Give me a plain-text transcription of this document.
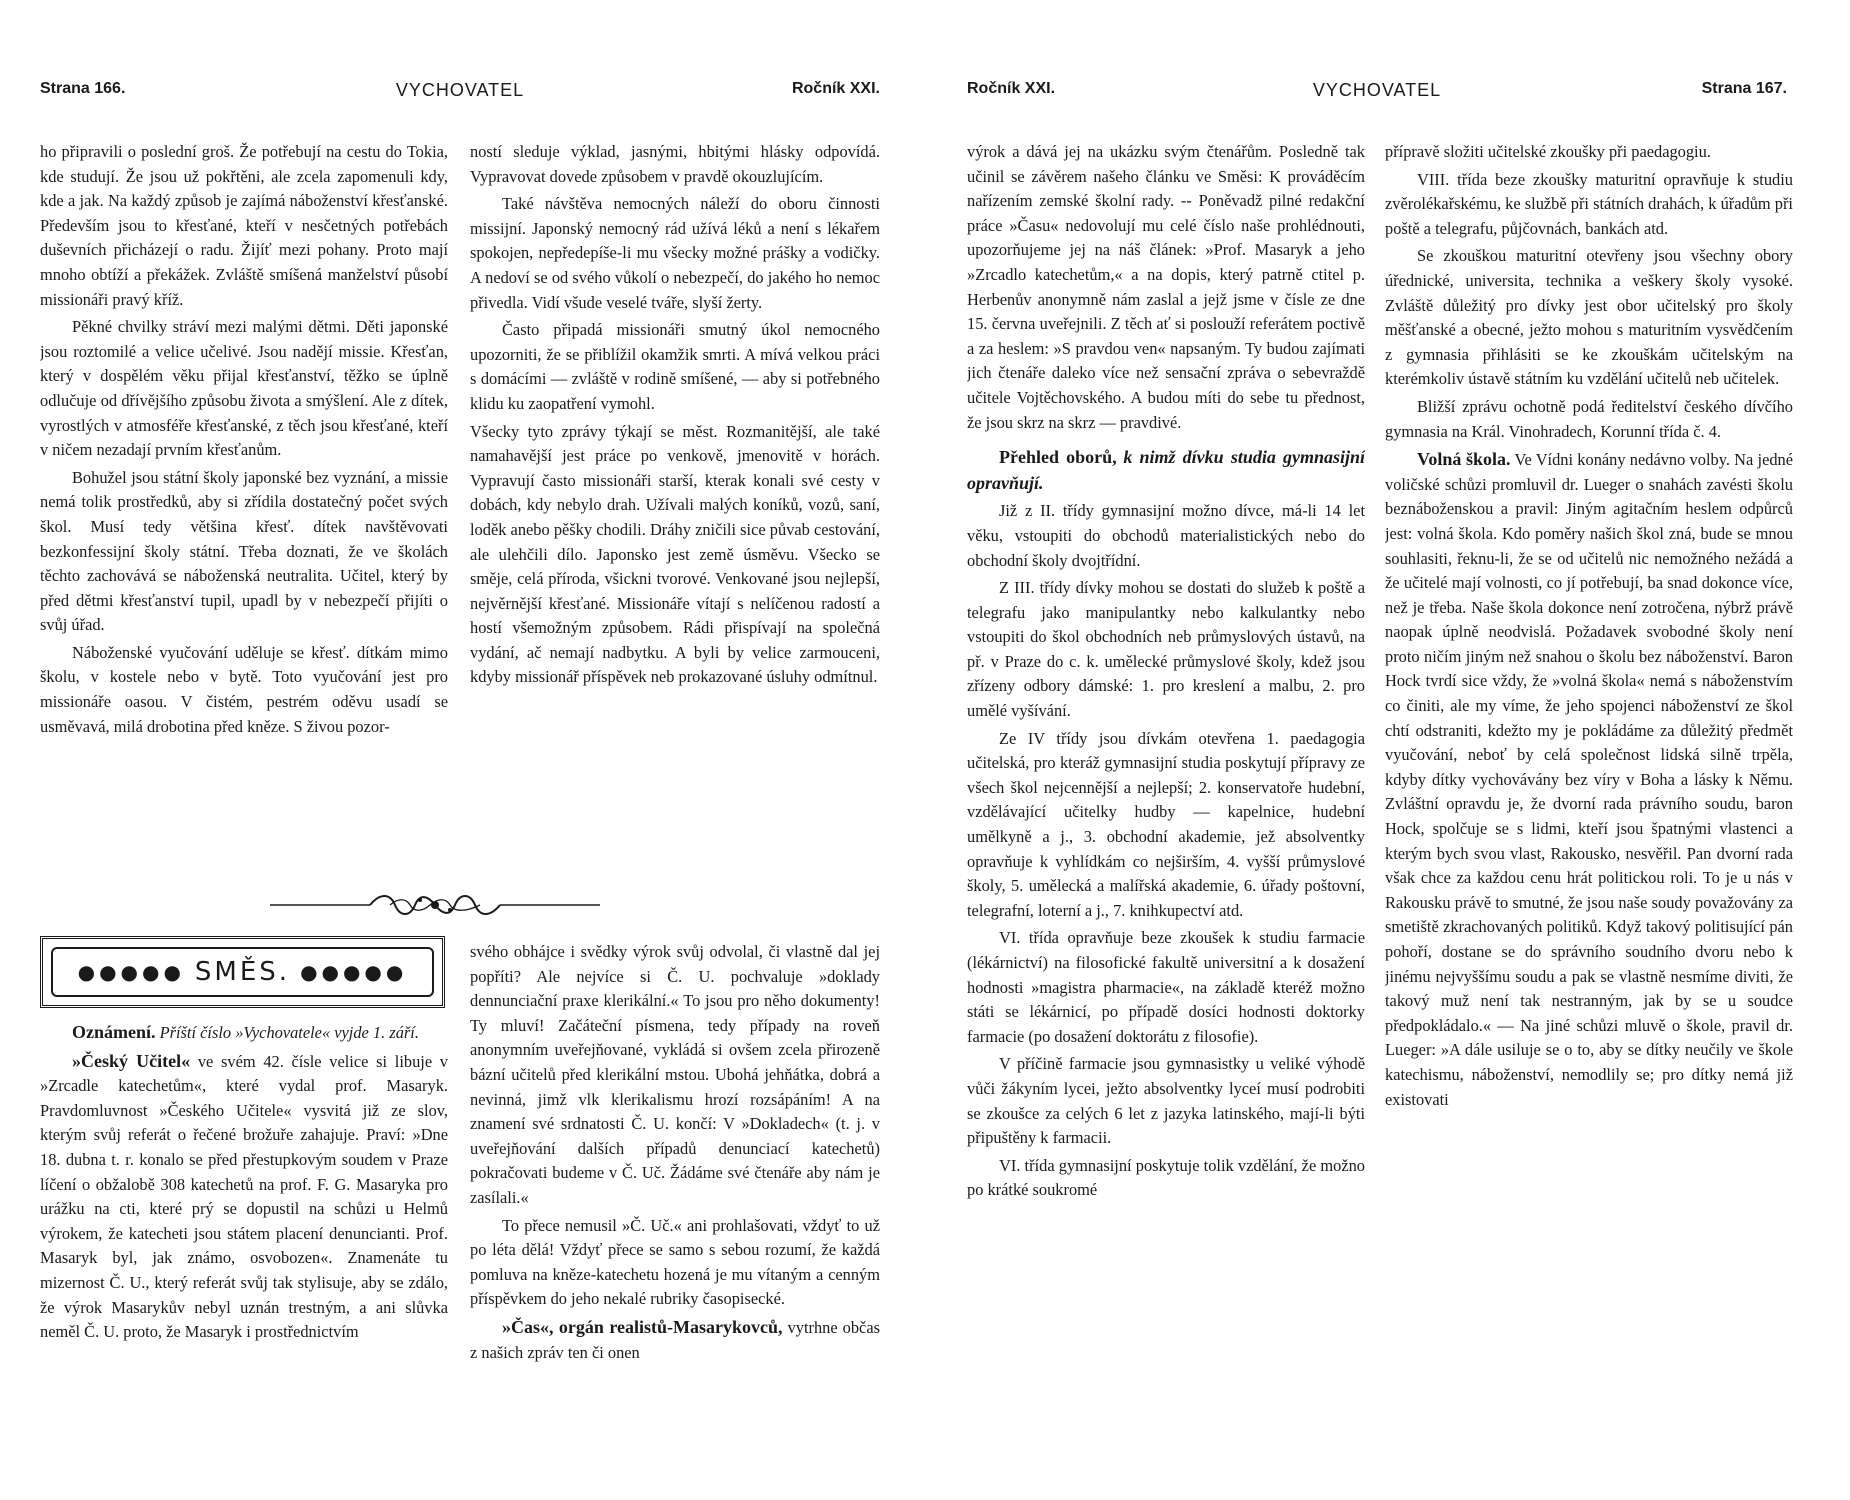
Strana 166.	VYCHOVATEL	Ročník XXI.

ho připravili o poslední groš. Že potřebují na cestu do Tokia, kde studují. Že jsou už pokřtěni, ale zcela zapomenuli kdy, kde a jak. Na každý způsob je zajímá náboženství křesťanské. Především jsou to křesťané, kteří v nesčetných potřebách duševních přicházejí o radu. Žijíť mezi pohany. Proto mají mnoho obtíží a překážek. Zvláště smíšená manželství působí missionáři pravý kříž.

Pěkné chvilky stráví mezi malými dětmi. Děti japonské jsou roztomilé a velice učelivé. Jsou nadějí missie. Křesťan, který v dospělém věku přijal křesťanství, těžko se úplně odlučuje od dřívějšího způsobu života a smýšlení. Ale z dítek, vyrostlých v atmosféře křesťanské, z těch jsou křesťané, kteří v ničem nezadají prvním křesťanům.

Bohužel jsou státní školy japonské bez vyznání, a missie nemá tolik prostředků, aby si zřídila dostatečný počet svých škol. Musí tedy většina křesť. dítek navštěvovati bezkonfessijní školy státní. Třeba doznati, že ve školách těchto zachovává se náboženská neutralita. Učitel, který by před dětmi křesťanství tupil, upadl by v nebezpečí přijíti o svůj úřad.

Náboženské vyučování uděluje se křesť. dítkám mimo školu, v kostele nebo v bytě. Toto vyučování jest pro missionáře oasou. V čistém, pestrém oděvu usadí se usměvavá, milá drobotina před kněze. S živou pozor-

ností sleduje výklad, jasnými, hbitými hlásky odpovídá. Vypravovat dovede způsobem v pravdě okouzlujícím.

Také návštěva nemocných náleží do oboru činnosti missijní. Japonský nemocný rád užívá léků a není s lékařem spokojen, nepředepíše-li mu všecky možné prášky a vodičky. A nedoví se od svého vůkolí o nebezpečí, do jakého ho nemoc přivedla. Vidí všude veselé tváře, slyší žerty.

Často připadá missionáři smutný úkol nemocného upozorniti, že se přiblížil okamžik smrti. A mívá velkou práci s domácími — zvláště v rodině smíšené, — aby si potřebného klidu ku zaopatření vymohl.

Všecky tyto zprávy týkají se měst. Rozmanitější, ale také namahavější jest práce po venkově, jmenovitě v horách. Vypravují často missionáři starší, kterak konali své cesty v dobách, kdy nebylo drah. Užívali malých koníků, vozů, saní, loděk anebo pěšky chodili. Dráhy zničili sice půvab cestování, ale ulehčili dílo. Japonsko jest země úsměvu. Všecko se směje, celá příroda, všickni tvorové. Venkované jsou nejlepší, nejvěrnější křesťané. Missionáře vítají s nelíčenou radostí a hostí všemožným způsobem. Rádi přispívají na společná vydání, ač nemají nadbytku. A byli by velice zarmouceni, kdyby missionář příspěvek neb prokazované úsluhy odmítnul.

●●●●● SMĚS. ●●●●●

Oznámení. Příští číslo »Vychovatele« vyjde 1. září.

»Český Učitel« ve svém 42. čísle velice si libuje v »Zrcadle katechetům«, které vydal prof. Masaryk. Pravdomluvnost »Českého Učitele« vysvitá již ze slov, kterým svůj referát o řečené brožuře zahajuje. Praví: »Dne 18. dubna t. r. konalo se před přestupkovým soudem v Praze líčení o obžalobě 308 katechetů na prof. F. G. Masaryka pro urážku na cti, které prý se dopustil na schůzi u Helmů výrokem, že katecheti jsou státem placení denuncianti. Prof. Masaryk byl, jak známo, osvobozen«. Znamenáte tu mizernost Č. U., který referát svůj tak stylisuje, aby se zdálo, že výrok Masarykův nebyl uznán trestným, a ani slůvka neměl Č. U. proto, že Masaryk i prostřednictvím

svého obhájce i svědky výrok svůj odvolal, či vlastně dal jej popříti? Ale nejvíce si Č. U. pochvaluje »doklady dennunciační praxe klerikální.« To jsou pro něho dokumenty! Ty mluví! Začáteční písmena, tedy případy na roveň anonymním uveřejňované, vykládá si ovšem zcela přirozeně bázní učitelů před klerikální mstou. Ubohá jehňátka, dobrá a nevinná, jimž vlk klerikalismu hrozí rozsápáním! A na znamení své srdnatosti Č. U. končí: V »Dokladech« (t. j. v uveřejňování dalších případů denunciací katechetů) pokračovati budeme v Č. Uč. Žádáme své čtenáře aby nám je zasílali.«

To přece nemusil »Č. Uč.« ani prohlašovati, vždyť to už po léta dělá! Vždyť přece se samo s sebou rozumí, že každá pomluva na kněze-katechetu hozená je mu vítaným a cenným příspěvkem do jeho nekalé rubriky časopisecké.

»Čas«, orgán realistů-Masarykovců, vytrhne občas z našich zpráv ten či onen

Ročník XXI.	VYCHOVATEL	Strana 167.

výrok a dává jej na ukázku svým čtenářům. Posledně tak učinil se závěrem našeho článku ve Směsi: K prováděcím nařízením zemské školní rady. -- Poněvadž pilné redakční práce »Času« nedovolují mu celé číslo naše prohlédnouti, upozorňujeme jej na náš článek: »Prof. Masaryk a jeho »Zrcadlo katechetům,« a na dopis, který patrně ctitel p. Herbenův anonymně nám zaslal a jejž jsme v čísle ze dne 15. června uveřejnili. Z těch ať si poslouží referátem poctivě a za heslem: »S pravdou ven« napsaným. Ty budou zajímati jich čtenáře daleko více než sensační zpráva o sebevraždě učitele Vojtěchovského. A budou míti do sebe tu přednost, že jsou skrz na skrz — pravdivé.

Přehled oborů, k nimž dívku studia gymnasijní opravňují.

Již z II. třídy gymnasijní možno dívce, má-li 14 let věku, vstoupiti do obchodů materialistických nebo do obchodní školy dvojtřídní.

Z III. třídy dívky mohou se dostati do služeb k poště a telegrafu jako manipulantky nebo kalkulantky nebo vstoupiti do škol obchodních neb průmyslových ústavů, na př. v Praze do c. k. umělecké průmyslové školy, kdež jsou zřízeny odbory dámské: 1. pro kreslení a malbu, 2. pro umělé vyšívání.

Ze IV třídy jsou dívkám otevřena 1. paedagogia učitelská, pro kteráž gymnasijní studia poskytují přípravy ze všech škol nejcennější a nejlepší; 2. konservatoře hudební, vzdělávající učitelky hudby — kapelnice, hudební umělkyně a j., 3. obchodní akademie, jež absolventky opravňuje k vyhlídkám co nejširším, 4. vyšší průmyslové školy, 5. umělecká a malířská akademie, 6. úřady poštovní, telegrafní, loterní a j., 7. knihkupectví atd.

VI. třída opravňuje beze zkoušek k studiu farmacie (lékárnictví) na filosofické fakultě universitní a k dosažení hodnosti »magistra pharmacie«, na základě kteréž možno státi se lékárnicí, po případě dosíci hodnosti doktorky farmacie (po dosažení doktorátu z filosofie).

V příčině farmacie jsou gymnasistky u veliké výhodě vůči žákyním lycei, ježto absolventky lyceí musí podrobiti se zkoušce za celých 6 let z jazyka latinského, mají-li býti připuštěny k farmacii.

VI. třída gymnasijní poskytuje tolik vzdělání, že možno po krátké soukromé

přípravě složiti učitelské zkoušky při paedagogiu.

VIII. třída beze zkoušky maturitní opravňuje k studiu zvěrolékařskému, ke službě při státních drahách, k úřadům při poště a telegrafu, půjčovnách, bankách atd.

Se zkouškou maturitní otevřeny jsou všechny obory úřednické, universita, technika a veškery školy vysoké. Zvláště důležitý pro dívky jest obor učitelský pro školy měšťanské a obecné, ježto mohou s maturitním vysvědčením z gymnasia přihlásiti se ke zkouškám učitelským na kterémkoliv ústavě státním ku vzdělání učitelů neb učitelek.

Bližší zprávu ochotně podá ředitelství českého dívčího gymnasia na Král. Vinohradech, Korunní třída č. 4.

Volná škola. Ve Vídni konány nedávno volby. Na jedné voličské schůzi promluvil dr. Lueger o snahách zavésti školu beznáboženskou a pravil: Jiným agitačním heslem odpůrců jest: volná škola. Kdo poměry našich škol zná, bude se mnou souhlasiti, řeknu-li, že se od učitelů nic nemožného nežádá a že učitelé mají volnosti, co jí potřebují, ba snad dokonce více, než je třeba. Naše škola dokonce není zotročena, nýbrž právě naopak úplně neodvislá. Požadavek svobodné školy není proto ničím jiným než snahou o školu bez náboženství. Baron Hock tvrdí sice vždy, že »volná škola« nemá s náboženstvím co činiti, ale my víme, že jeho spojenci náboženství ze škol chtí odstraniti, kdežto my je pokládáme za důležitý předmět vyučování, neboť by celá společnost lidská silně trpěla, kdyby dítky vychovávány bez víry v Boha a lásky k Němu. Zvláštní opravdu je, že dvorní rada právního soudu, baron Hock, spolčuje se s lidmi, kteří jsou špatnými vlastenci a kterým bych svou vlast, Rakousko, nesvěřil. Pan dvorní rada však chce za každou cenu hrát politickou roli. To je u nás v Rakousku právě to smutné, že jsou naše soudy považovány za smetiště zkrachovaných politiků. Když takový politisující pán pohoří, dostane se do správního soudního dvoru nebo k jinému nejvyššímu soudu a pak se vlastně nesmíme diviti, že takový muž není tak nestranným, jak by se u soudce předpokládalo.« — Na jiné schůzi mluvě o škole, pravil dr. Lueger: »A dále usiluje se o to, aby se dítky neučily ve škole katechismu, náboženství, nemodlily se; pro dítky nemá již existovati
